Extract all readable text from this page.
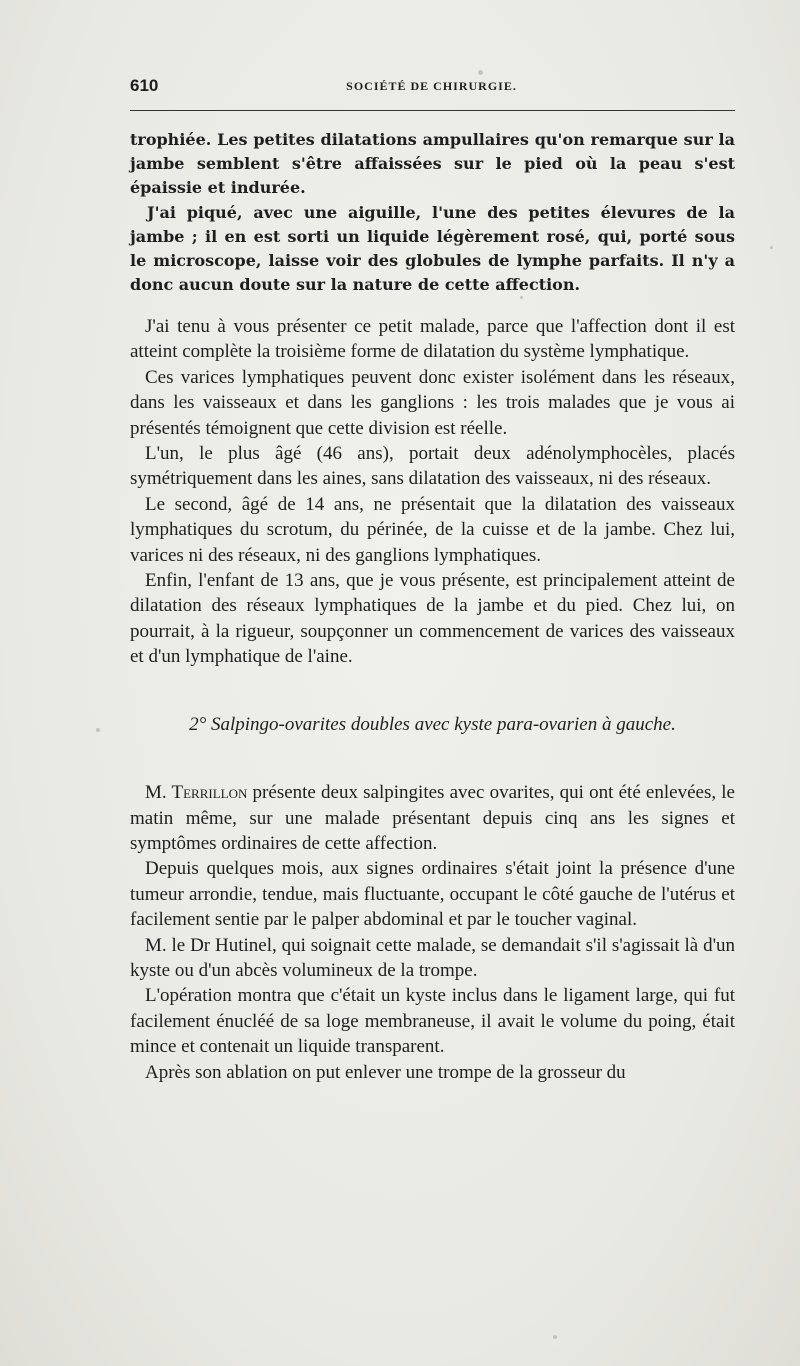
610	SOCIÉTÉ DE CHIRURGIE.

trophiée. Les petites dilatations ampullaires qu'on remarque sur la jambe semblent s'être affaissées sur le pied où la peau s'est épaissie et indurée.

J'ai piqué, avec une aiguille, l'une des petites élevures de la jambe ; il en est sorti un liquide légèrement rosé, qui, porté sous le microscope, laisse voir des globules de lymphe parfaits. Il n'y a donc aucun doute sur la nature de cette affection.

J'ai tenu à vous présenter ce petit malade, parce que l'affection dont il est atteint complète la troisième forme de dilatation du système lymphatique.

Ces varices lymphatiques peuvent donc exister isolément dans les réseaux, dans les vaisseaux et dans les ganglions : les trois malades que je vous ai présentés témoignent que cette division est réelle.

L'un, le plus âgé (46 ans), portait deux adénolymphocèles, placés symétriquement dans les aines, sans dilatation des vaisseaux, ni des réseaux.

Le second, âgé de 14 ans, ne présentait que la dilatation des vaisseaux lymphatiques du scrotum, du périnée, de la cuisse et de la jambe. Chez lui, varices ni des réseaux, ni des ganglions lymphatiques.

Enfin, l'enfant de 13 ans, que je vous présente, est principalement atteint de dilatation des réseaux lymphatiques de la jambe et du pied. Chez lui, on pourrait, à la rigueur, soupçonner un commencement de varices des vaisseaux et d'un lymphatique de l'aine.

2° Salpingo-ovarites doubles avec kyste para-ovarien à gauche.

M. Terrillon présente deux salpingites avec ovarites, qui ont été enlevées, le matin même, sur une malade présentant depuis cinq ans les signes et symptômes ordinaires de cette affection.

Depuis quelques mois, aux signes ordinaires s'était joint la présence d'une tumeur arrondie, tendue, mais fluctuante, occupant le côté gauche de l'utérus et facilement sentie par le palper abdominal et par le toucher vaginal.

M. le Dr Hutinel, qui soignait cette malade, se demandait s'il s'agissait là d'un kyste ou d'un abcès volumineux de la trompe.

L'opération montra que c'était un kyste inclus dans le ligament large, qui fut facilement énucléé de sa loge membraneuse, il avait le volume du poing, était mince et contenait un liquide transparent.

Après son ablation on put enlever une trompe de la grosseur du
